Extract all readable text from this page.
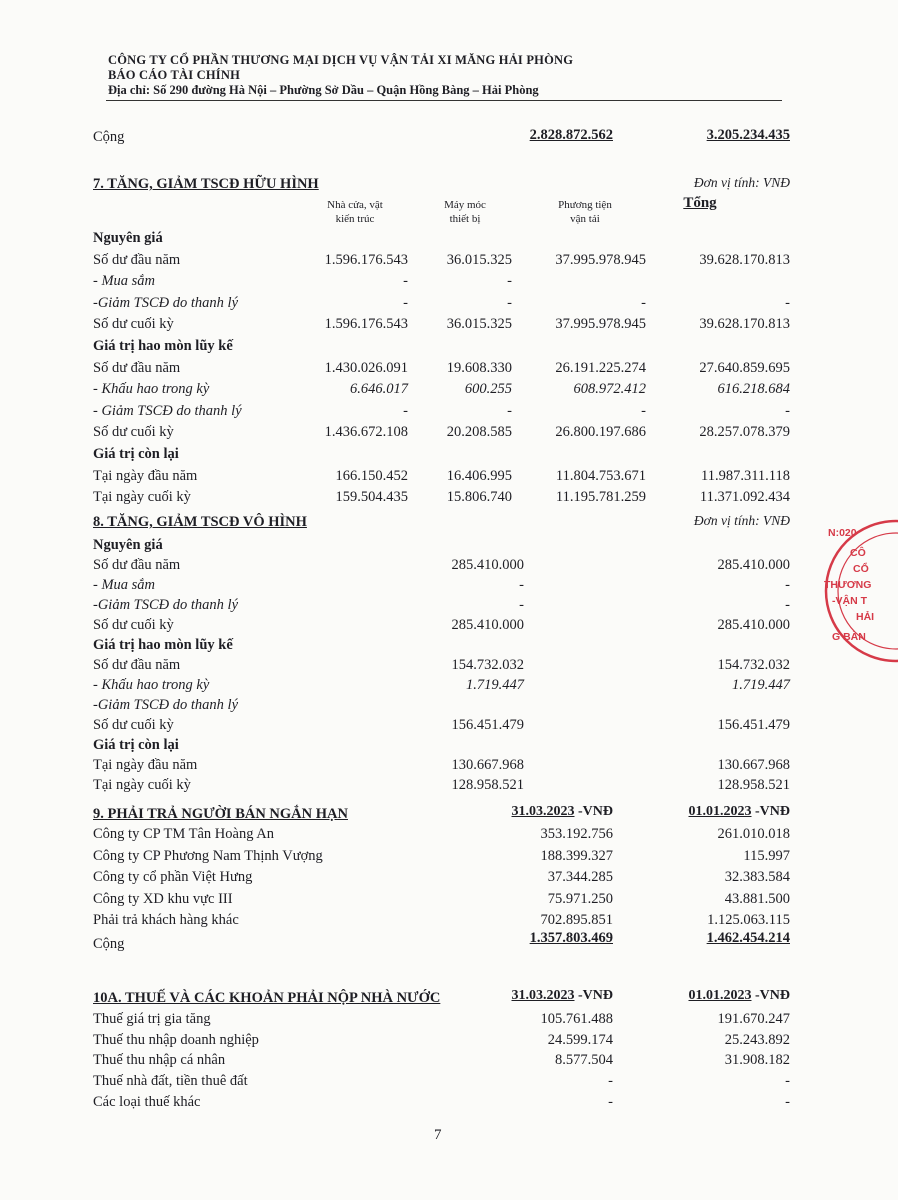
CÔNG TY CỔ PHẦN THƯƠNG MẠI DỊCH VỤ VẬN TẢI XI MĂNG HẢI PHÒNG
BÁO CÁO TÀI CHÍNH
Địa chỉ: Số 290 đường Hà Nội – Phường Sở Dầu – Quận Hồng Bàng – Hải Phòng
Cộng	2.828.872.562	3.205.234.435
7. TĂNG, GIẢM TSCĐ HỮU HÌNH	Đơn vị tính: VNĐ
Nhà cửa, vật
kiến trúc
Máy móc
thiết bị
Phương tiện
vận tải
Tổng
Nguyên giá
Số dư đầu năm	1.596.176.543	36.015.325	37.995.978.945	39.628.170.813
- Mua sắm	-	-
-Giảm TSCĐ do thanh lý	-	-	-	-
Số dư cuối kỳ	1.596.176.543	36.015.325	37.995.978.945	39.628.170.813
Giá trị hao mòn lũy kế
Số dư đầu năm	1.430.026.091	19.608.330	26.191.225.274	27.640.859.695
- Khấu hao trong kỳ	6.646.017	600.255	608.972.412	616.218.684
- Giảm TSCĐ do thanh lý	-	-	-	-
Số dư cuối kỳ	1.436.672.108	20.208.585	26.800.197.686	28.257.078.379
Giá trị còn lại
Tại ngày đầu năm	166.150.452	16.406.995	11.804.753.671	11.987.311.118
Tại ngày cuối kỳ	159.504.435	15.806.740	11.195.781.259	11.371.092.434
8. TĂNG, GIẢM TSCĐ VÔ HÌNH	Đơn vị tính: VNĐ
Nguyên giá
Số dư đầu năm	285.410.000	285.410.000
- Mua sắm	-	-
-Giảm TSCĐ do thanh lý	-	-
Số dư cuối kỳ	285.410.000	285.410.000
Giá trị hao mòn lũy kế
Số dư đầu năm	154.732.032	154.732.032
- Khấu hao trong kỳ	1.719.447	1.719.447
-Giảm TSCĐ do thanh lý
Số dư cuối kỳ	156.451.479	156.451.479
Giá trị còn lại
Tại ngày đầu năm	130.667.968	130.667.968
Tại ngày cuối kỳ	128.958.521	128.958.521
9. PHẢI TRẢ NGƯỜI BÁN NGẮN HẠN	31.03.2023 -VNĐ	01.01.2023 -VNĐ
Công ty CP TM Tân Hoàng An	353.192.756	261.010.018
Công ty CP Phương Nam Thịnh Vượng	188.399.327	115.997
Công ty cổ phần Việt Hưng	37.344.285	32.383.584
Công ty XD khu vực III	75.971.250	43.881.500
Phải trả khách hàng khác	702.895.851	1.125.063.115
Cộng	1.357.803.469	1.462.454.214
10A. THUẾ VÀ CÁC KHOẢN PHẢI NỘP NHÀ NƯỚC	31.03.2023 -VNĐ	01.01.2023 -VNĐ
Thuế giá trị gia tăng	105.761.488	191.670.247
Thuế thu nhập doanh nghiệp	24.599.174	25.243.892
Thuế thu nhập cá nhân	8.577.504	31.908.182
Thuế nhà đất, tiền thuê đất	-	-
Các loại thuế khác	-	-
7
N:020
CÔ
CỔ
THƯƠNG
-VẬN T
HẢI
G BÀN
